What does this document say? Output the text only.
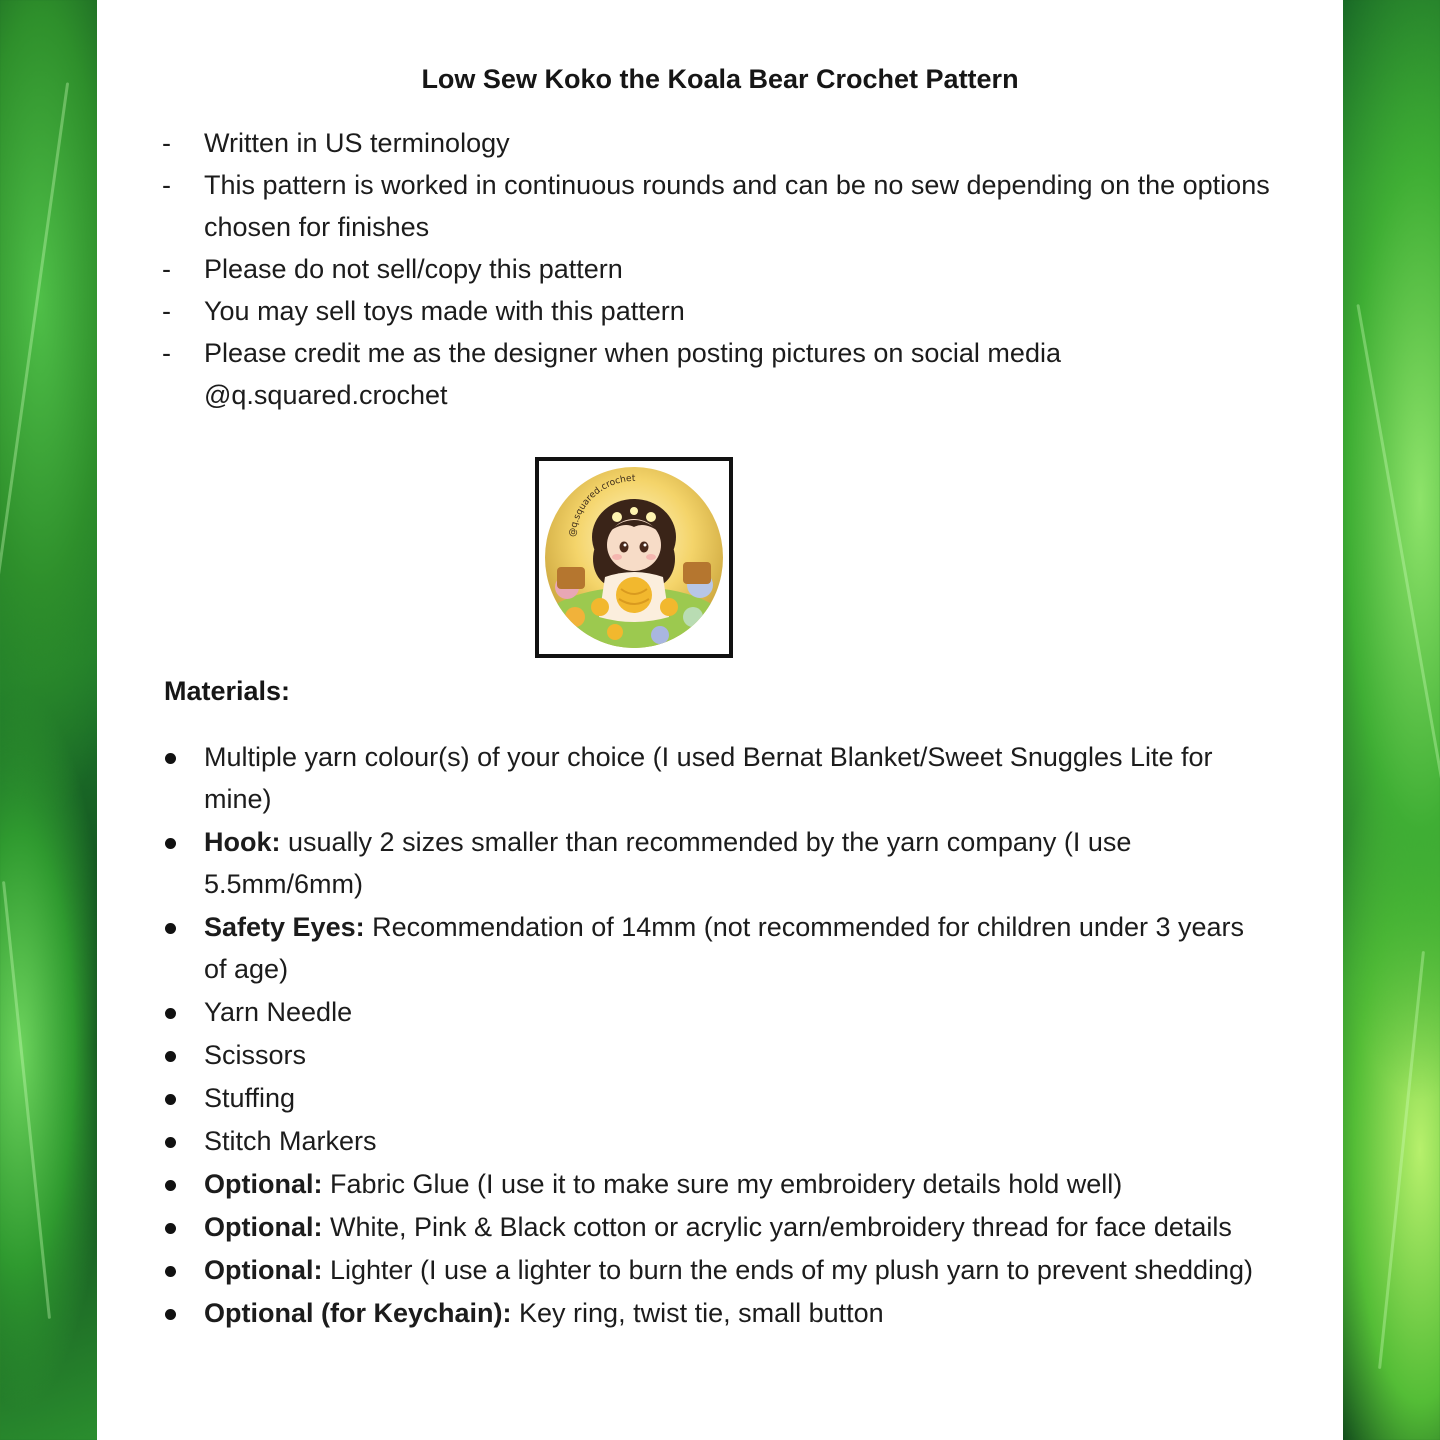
Low Sew Koko the Koala Bear Crochet Pattern
- Written in US terminology
- This pattern is worked in continuous rounds and can be no sew depending on the options chosen for finishes
- Please do not sell/copy this pattern
- You may sell toys made with this pattern
- Please credit me as the designer when posting pictures on social media @q.squared.crochet
@q.squared.crochet
Materials:
Multiple yarn colour(s) of your choice (I used Bernat Blanket/Sweet Snuggles Lite for mine)
Hook: usually 2 sizes smaller than recommended by the yarn company (I use 5.5mm/6mm)
Safety Eyes: Recommendation of 14mm (not recommended for children under 3 years of age)
Yarn Needle
Scissors
Stuffing
Stitch Markers
Optional: Fabric Glue (I use it to make sure my embroidery details hold well)
Optional: White, Pink & Black cotton or acrylic yarn/embroidery thread for face details
Optional: Lighter (I use a lighter to burn the ends of my plush yarn to prevent shedding)
Optional (for Keychain): Key ring, twist tie, small button
